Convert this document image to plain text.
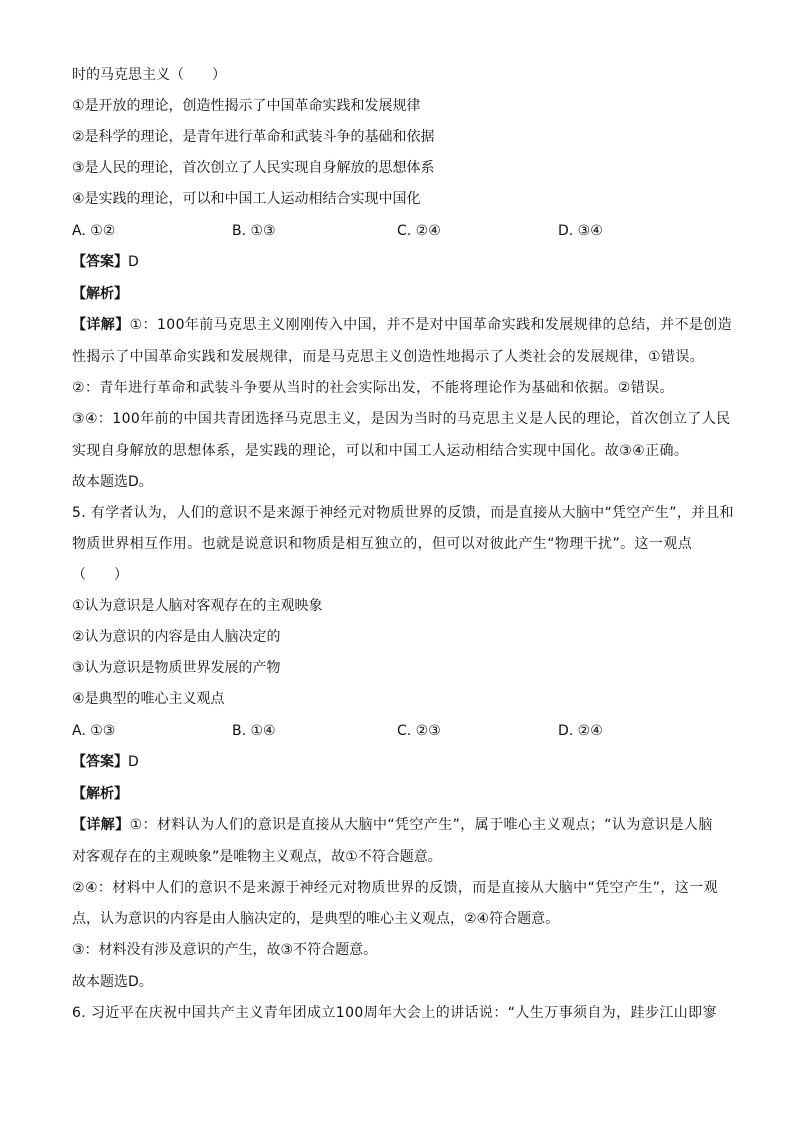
时的马克思主义（　　）
①是开放的理论，创造性揭示了中国革命实践和发展规律
②是科学的理论，是青年进行革命和武装斗争的基础和依据
③是人民的理论，首次创立了人民实现自身解放的思想体系
④是实践的理论，可以和中国工人运动相结合实现中国化
A. ①②	B. ①③	C. ②④	D. ③④
【答案】D
【解析】
【详解】①：100年前马克思主义刚刚传入中国，并不是对中国革命实践和发展规律的总结，并不是创造
性揭示了中国革命实践和发展规律，而是马克思主义创造性地揭示了人类社会的发展规律，①错误。
②：青年进行革命和武装斗争要从当时的社会实际出发，不能将理论作为基础和依据。②错误。
③④：100年前的中国共青团选择马克思主义，是因为当时的马克思主义是人民的理论，首次创立了人民
实现自身解放的思想体系，是实践的理论，可以和中国工人运动相结合实现中国化。故③④正确。
故本题选D。
5. 有学者认为，人们的意识不是来源于神经元对物质世界的反馈，而是直接从大脑中“凭空产生”，并且和
物质世界相互作用。也就是说意识和物质是相互独立的，但可以对彼此产生“物理干扰”。这一观点
（　　）
①认为意识是人脑对客观存在的主观映象
②认为意识的内容是由人脑决定的
③认为意识是物质世界发展的产物
④是典型的唯心主义观点
A. ①③	B. ①④	C. ②③	D. ②④
【答案】D
【解析】
【详解】①：材料认为人们的意识是直接从大脑中“凭空产生”，属于唯心主义观点；“认为意识是人脑
对客观存在的主观映象”是唯物主义观点，故①不符合题意。
②④：材料中人们的意识不是来源于神经元对物质世界的反馈，而是直接从大脑中“凭空产生”，这一观
点，认为意识的内容是由人脑决定的，是典型的唯心主义观点，②④符合题意。
③：材料没有涉及意识的产生，故③不符合题意。
故本题选D。
6. 习近平在庆祝中国共产主义青年团成立100周年大会上的讲话说：“人生万事须自为，跬步江山即寥
